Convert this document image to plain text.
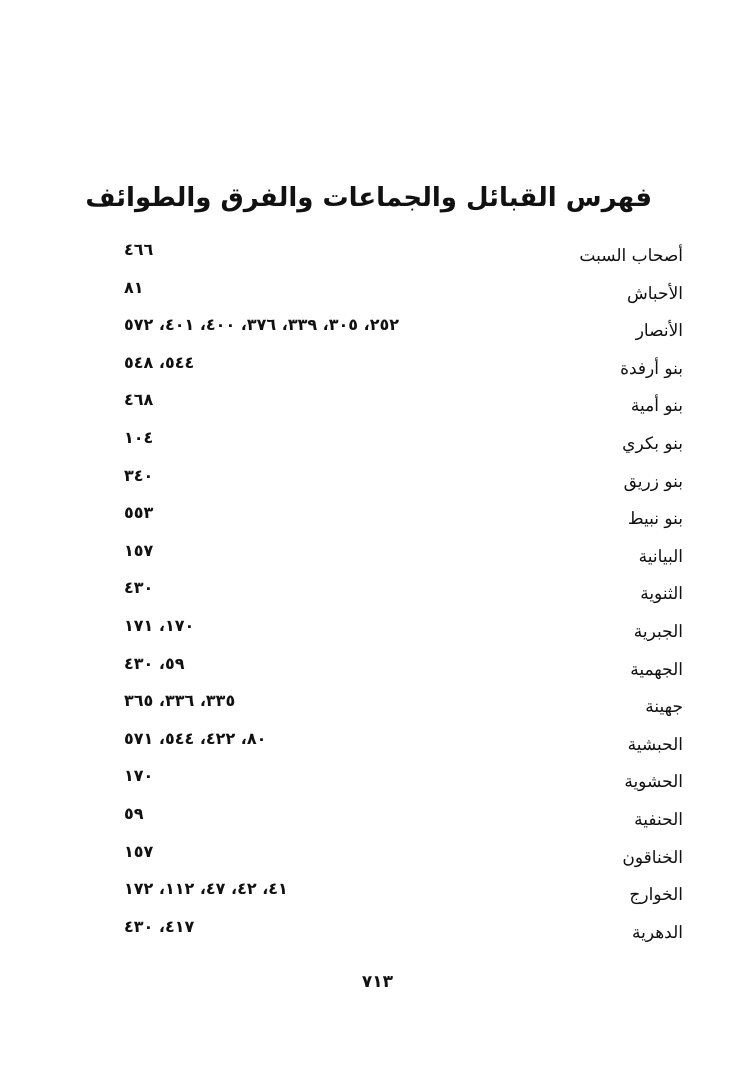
فهرس القبائل والجماعات والفرق والطوائف
أصحاب السبت
٤٦٦
الأحباش
٨١
الأنصار
٢٥٢، ٣٠٥، ٣٣٩، ٣٧٦، ٤٠٠، ٤٠١، ٥٧٢
بنو أرفدة
٥٤٤، ٥٤٨
بنو أمية
٤٦٨
بنو بكري
١٠٤
بنو زريق
٣٤٠
بنو نبيط
٥٥٣
البيانية
١٥٧
الثنوية
٤٣٠
الجبرية
١٧٠، ١٧١
الجهمية
٥٩، ٤٣٠
جهينة
٣٣٥، ٣٣٦، ٣٦٥
الحبشية
٨٠، ٤٢٢، ٥٤٤، ٥٧١
الحشوية
١٧٠
الحنفية
٥٩
الخناقون
١٥٧
الخوارج
٤١، ٤٢، ٤٧، ١١٢، ١٧٢
الدهرية
٤١٧، ٤٣٠
٧١٣
